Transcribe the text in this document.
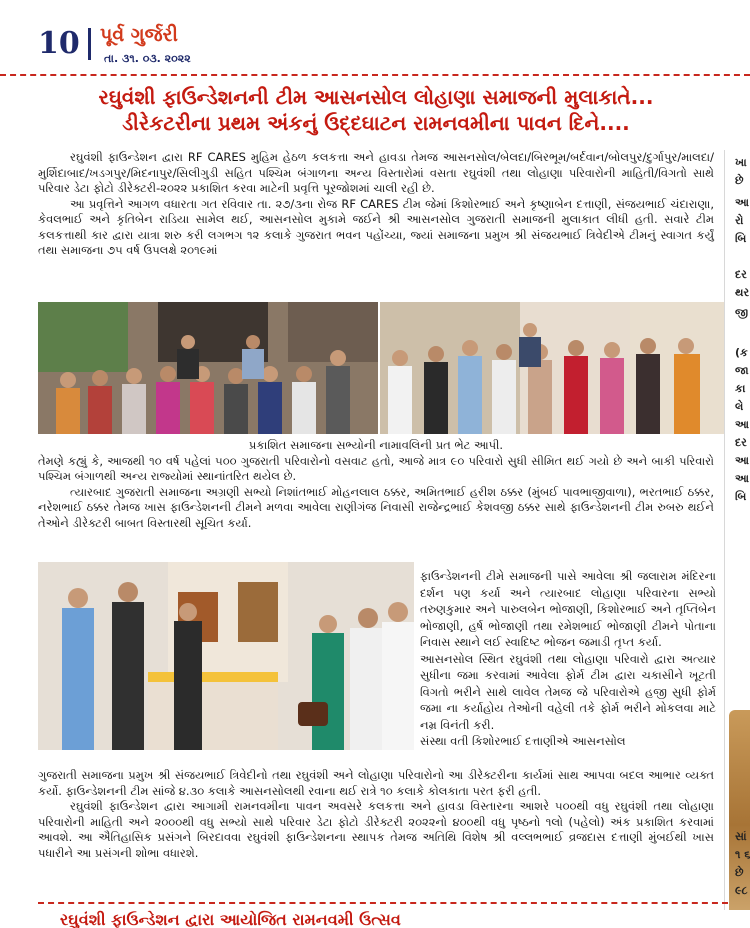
10 પૂર્વ ગુર્જરી
તા. ૩૧. ૦૩. ૨૦૨૨
રઘુવંશી ફાઉન્ડેશનની ટીમ આસનસોલ લોહાણા સમાજની મુલાકાતે...
ડીરેકટરીના પ્રથમ અંકનું ઉદ્દઘાટન રામનવમીના પાવન દિને....

રઘુવંશી ફાઉન્ડેશન દ્વારા RF CARES મુહિમ હેઠળ કલકત્તા અને હાવડા તેમજ આસનસોલ/બેલદા/બિરભૂમ/બર્દવાન/બોલપુર/દુર્ગાપુર/માલદા/મુર્શિદાબાદ/ખડગપુર/મિદનાપુર/સિલીગુડી સહિત પશ્ચિમ બંગાળના અન્ય વિસ્તારોમાં વસતા રઘુવંશી તથા લોહાણા પરિવારોની માહિતી/વિગતો સાથે પરિવાર ડેટા ફોટો ડીરેક્ટરી-૨૦૨૨ પ્રકાશિત કરવા માટેની પ્રવૃત્તિ પૂરજોશમાં ચાલી રહી છે.

આ પ્રવૃત્તિને આગળ વધારતા ગત રવિવાર તા. ૨૭/૩ના રોજ RF CARES ટીમ જેમાં કિશોરભાઈ અને કૃષ્ણાબેન દત્તાણી, સંજયભાઈ ચંદારાણા, કેવલભાઈ અને કૃતિબેન રાડિયા સામેલ થઈ, આસનસોલ મુકામે જઈને શ્રી આસનસોલ ગુજરાતી સમાજની મુલાકાત લીધી હતી. સવારે ટીમ કલકત્તાથી કાર દ્વારા યાત્રા શરુ કરી લગભગ ૧૨ કલાકે ગુજરાત ભવન પહોંચ્યા, જ્યાં સમાજના પ્રમુખ શ્રી સંજયભાઈ ત્રિવેદીએ ટીમનું સ્વાગત કર્યું તથા સમાજના ૭૫ વર્ષ ઉપલક્ષે ૨૦૧૯માં

પ્રકાશિત સમાજના સભ્યોની નામાવલિની પ્રત ભેટ આપી.
તેમણે કહ્યું કે, આજથી ૧૦ વર્ષ પહેલાં ૫૦૦ ગુજરાતી પરિવારોનો વસવાટ હતો, આજે માત્ર ૯૦ પરિવારો સુધી સીમિત થઈ ગયો છે અને બાકી પરિવારો પશ્ચિમ બંગાળથી અન્ય રાજ્યોમાં સ્થાનાંતરિત થયેલ છે.

ત્યારબાદ ગુજરાતી સમાજના અગ્રણી સભ્યો નિશાંતભાઈ મોહનલાલ ઠક્કર, અમિતભાઈ હરીશ ઠક્કર (મુંબઈ પાવભાજીવાળા), ભરતભાઈ ઠક્કર, નરેશભાઈ ઠક્કર તેમજ ખાસ ફાઉન્ડેશનની ટીમને મળવા આવેલા રાણીગંજ નિવાસી રાજેન્દ્રભાઈ કેશવજી ઠક્કર સાથે ફાઉન્ડેશનની ટીમ રુબરુ થઈને તેઓને ડીરેક્ટરી બાબત વિસ્તારથી સૂચિત કર્યા.

ફાઉન્ડેશનની ટીમે સમાજની પાસે આવેલા શ્રી જલારામ મંદિરના દર્શન પણ કર્યા અને ત્યારબાદ લોહાણા પરિવારના સભ્યો તરુણકુમાર અને પારુલબેન ભોજાણી, કિશોરભાઈ અને તૃપ્તિબેન ભોજાણી, હર્ષ ભોજાણી તથા રમેશભાઈ ભોજાણી ટીમને પોતાના નિવાસ સ્થાને લઈ સ્વાદિષ્ટ ભોજન જમાડી તૃપ્ત કર્યા.
આસનસોલ સ્થિત રઘુવંશી તથા લોહાણા પરિવારો દ્વારા અત્યાર સુધીના જમા કરવામાં આવેલા ફોર્મ ટીમ દ્વારા ચકાસીને ખૂટતી વિગતો ભરીને સાથે લાવેલ તેમજ જે પરિવારોએ હજી સુધી ફોર્મ જમા ના કર્યાહોય તેઓની વહેલી તકે ફોર્મ ભરીને મોકલવા માટે નમ્ર વિનંતી કરી.
સંસ્થા વતી કિશોરભાઈ દત્તાણીએ આસનસોલ
ગુજરાતી સમાજના પ્રમુખ શ્રી સંજયભાઈ ત્રિવેદીનો તથા રઘુવંશી અને લોહાણા પરિવારોનો આ ડીરેક્ટરીના કાર્યમાં સાથ આપવા બદલ આભાર વ્યક્ત કર્યો. ફાઉન્ડેશનની ટીમ સાંજે ૪.૩૦ કલાકે આસનસોલથી રવાના થઈ રાત્રે ૧૦ કલાકે કોલકાતા પરત ફરી હતી.

રઘુવંશી ફાઉન્ડેશન દ્વારા આગામી રામનવમીના પાવન અવસરે કલકત્તા અને હાવડા વિસ્તારના આશરે ૫૦૦થી વધુ રઘુવંશી તથા લોહાણા પરિવારોની માહિતી અને ૨૦૦૦થી વધુ સભ્યો સાથે પરિવાર ડેટા ફોટો ડીરેક્ટરી ૨૦૨૨નો ૪૦૦થી વધુ પૃષ્ઠનો ૧લો (પહેલો) અંક પ્રકાશિત કરવામાં આવશે. આ ઐતિહાસિક પ્રસંગને બિરદાવવા રઘુવંશી ફાઉન્ડેશનના સ્થાપક તેમજ અતિથિ વિશેષ શ્રી વલ્લભભાઈ વ્રજદાસ દત્તાણી મુંબઈથી ખાસ પધારીને આ પ્રસંગની શોભા વધારશે.

ખા
છે
આ
રો
બિ
દર
થર
જી
(ક
જા
કા
લે
આ
દર
આ
આ
બિ
સાં
૧ ૬
છે
૯૮
રઘુવંશી ફાઉન્ડેશન દ્વારા આયોજિત રામનવમી ઉત્સવ
